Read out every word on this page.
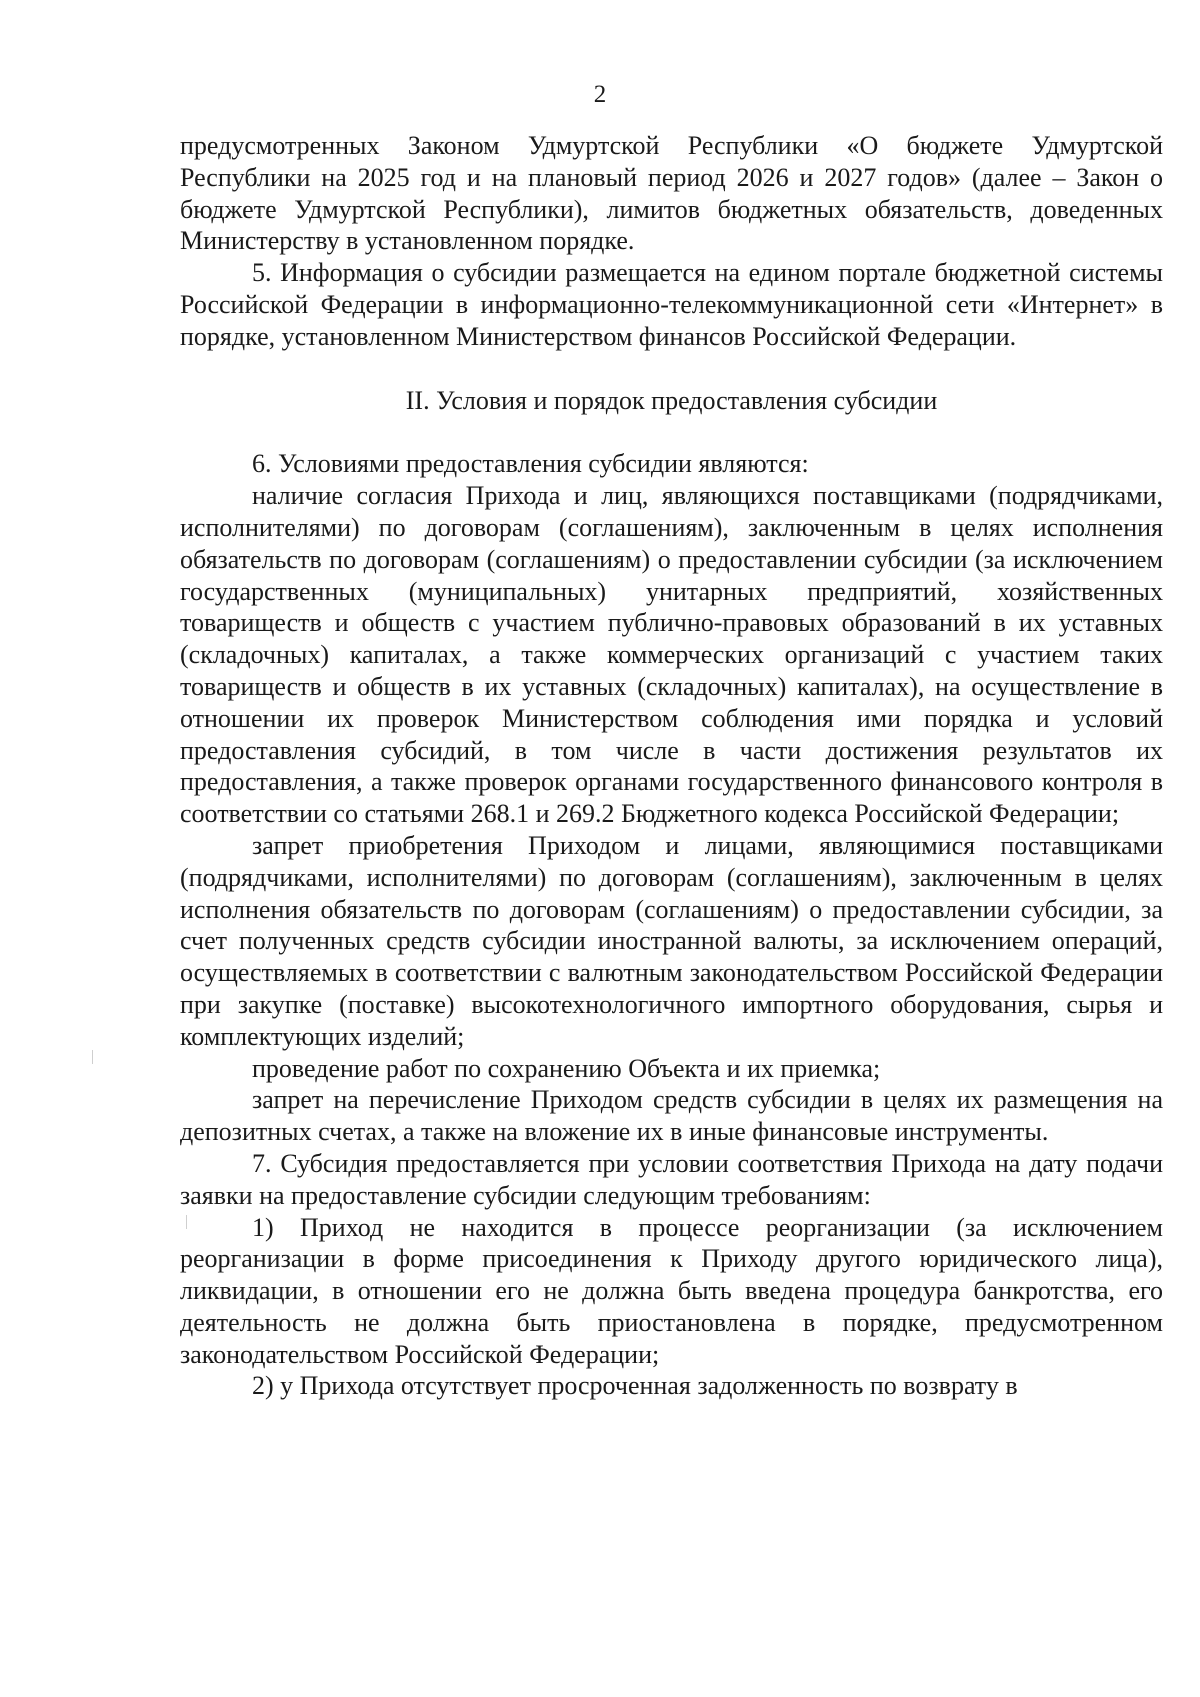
2

предусмотренных Законом Удмуртской Республики «О бюджете Удмуртской Республики на 2025 год и на плановый период 2026 и 2027 годов» (далее – Закон о бюджете Удмуртской Республики), лимитов бюджетных обязательств, доведенных Министерству в установленном порядке.

5. Информация о субсидии размещается на едином портале бюджетной системы Российской Федерации в информационно-телекоммуникационной сети «Интернет» в порядке, установленном Министерством финансов Российской Федерации.

II. Условия и порядок предоставления субсидии

6. Условиями предоставления субсидии являются:

наличие согласия Прихода и лиц, являющихся поставщиками (подрядчиками, исполнителями) по договорам (соглашениям), заключенным в целях исполнения обязательств по договорам (соглашениям) о предоставлении субсидии (за исключением государственных (муниципальных) унитарных предприятий, хозяйственных товариществ и обществ с участием публично-правовых образований в их уставных (складочных) капиталах, а также коммерческих организаций с участием таких товариществ и обществ в их уставных (складочных) капиталах), на осуществление в отношении их проверок Министерством соблюдения ими порядка и условий предоставления субсидий, в том числе в части достижения результатов их предоставления, а также проверок органами государственного финансового контроля в соответствии со статьями 268.1 и 269.2 Бюджетного кодекса Российской Федерации;

запрет приобретения Приходом и лицами, являющимися поставщиками (подрядчиками, исполнителями) по договорам (соглашениям), заключенным в целях исполнения обязательств по договорам (соглашениям) о предоставлении субсидии, за счет полученных средств субсидии иностранной валюты, за исключением операций, осуществляемых в соответствии с валютным законодательством Российской Федерации при закупке (поставке) высокотехнологичного импортного оборудования, сырья и комплектующих изделий;

проведение работ по сохранению Объекта и их приемка;

запрет на перечисление Приходом средств субсидии в целях их размещения на депозитных счетах, а также на вложение их в иные финансовые инструменты.

7. Субсидия предоставляется при условии соответствия Прихода на дату подачи заявки на предоставление субсидии следующим требованиям:

1) Приход не находится в процессе реорганизации (за исключением реорганизации в форме присоединения к Приходу другого юридического лица), ликвидации, в отношении его не должна быть введена процедура банкротства, его деятельность не должна быть приостановлена в порядке, предусмотренном законодательством Российской Федерации;

2) у Прихода отсутствует просроченная задолженность по возврату в
